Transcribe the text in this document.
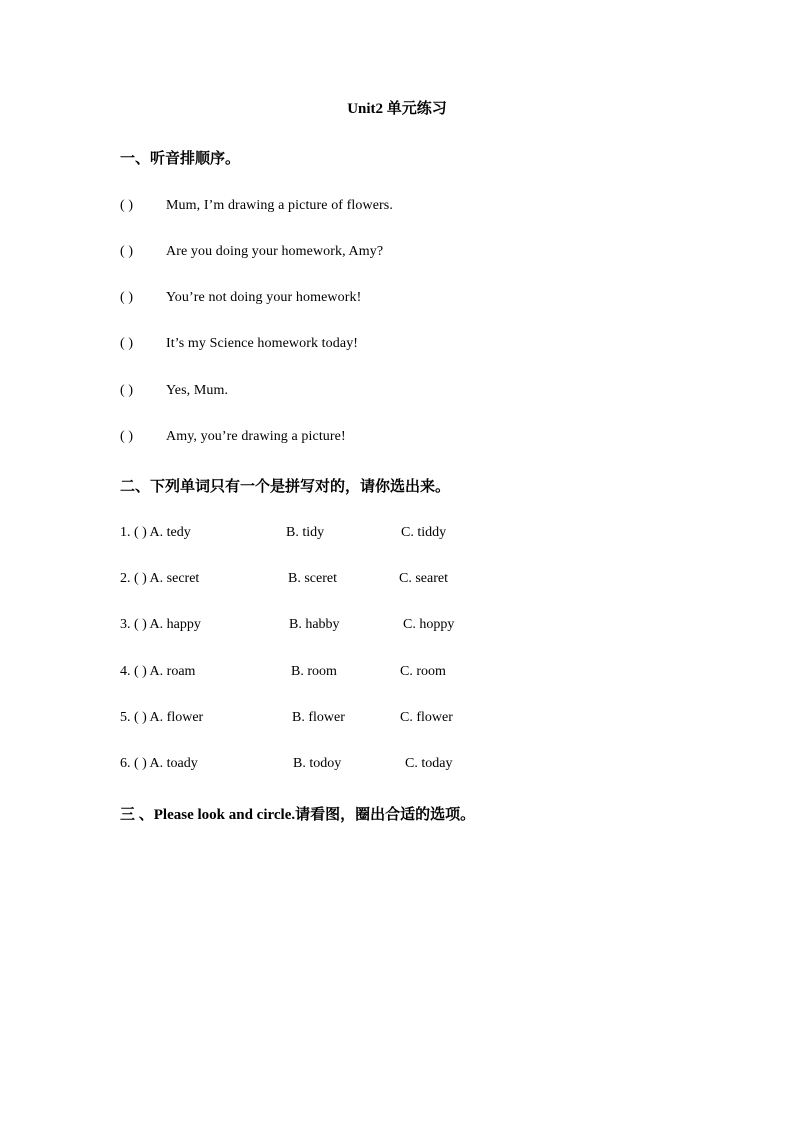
Unit2 单元练习
一、听音排顺序。
( ) Mum, I’m drawing a picture of flowers.
( ) Are you doing your homework, Amy?
( ) You’re not doing your homework!
( ) It’s my Science homework today!
( ) Yes, Mum.
( ) Amy, you’re drawing a picture!
二、下列单词只有一个是拼写对的，请你选出来。
1. ( ) A. tedy	B. tidy	C. tiddy
2. ( ) A. secret	B. sceret	C. searet
3. ( ) A. happy	B. habby	C. hoppy
4. ( ) A. roam	B. room	C. room
5. ( ) A. flower	B. flower	C. flower
6. ( ) A. toady	B. todoy	C. today
三 、Please look and circle.请看图，圈出合适的选项。
